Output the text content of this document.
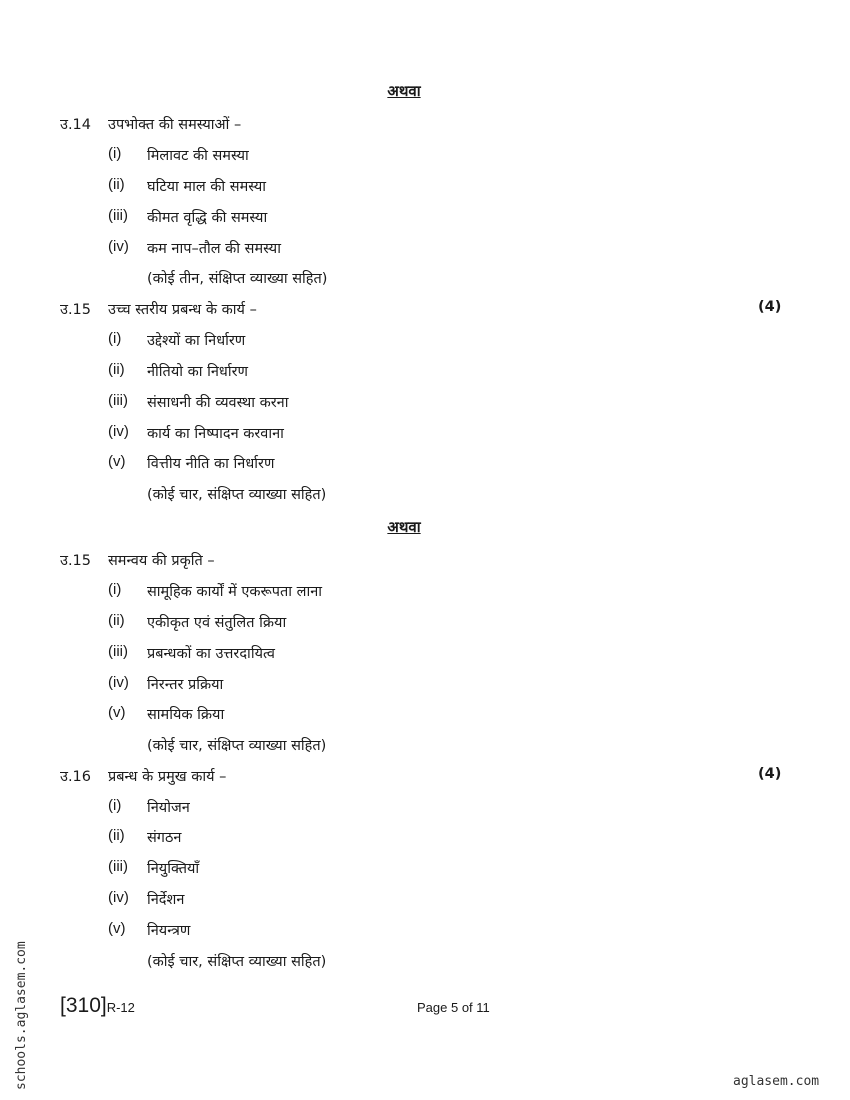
अथवा
उ.14 उपभोक्त की समस्याओं –
(i) मिलावट की समस्या
(ii) घटिया माल की समस्या
(iii) कीमत वृद्धि की समस्या
(iv) कम नाप–तौल की समस्या
(कोई तीन, संक्षिप्त व्याख्या सहित)
उ.15 उच्च स्तरीय प्रबन्ध के कार्य –	(4)
(i) उद्देश्यों का निर्धारण
(ii) नीतियो का निर्धारण
(iii) संसाधनी की व्यवस्था करना
(iv) कार्य का निष्पादन करवाना
(v) वित्तीय नीति का निर्धारण
(कोई चार, संक्षिप्त व्याख्या सहित)
अथवा
उ.15 समन्वय की प्रकृति –
(i) सामूहिक कार्यों में एकरूपता लाना
(ii) एकीकृत एवं संतुलित क्रिया
(iii) प्रबन्धकों का उत्तरदायित्व
(iv) निरन्तर प्रक्रिया
(v) सामयिक क्रिया
(कोई चार, संक्षिप्त व्याख्या सहित)
उ.16 प्रबन्ध के प्रमुख कार्य –	(4)
(i) नियोजन
(ii) संगठन
(iii) नियुक्तियाँ
(iv) निर्देशन
(v) नियन्त्रण
(कोई चार, संक्षिप्त व्याख्या सहित)
[310]R-12	Page 5 of 11
schools.aglasem.com	aglasem.com
